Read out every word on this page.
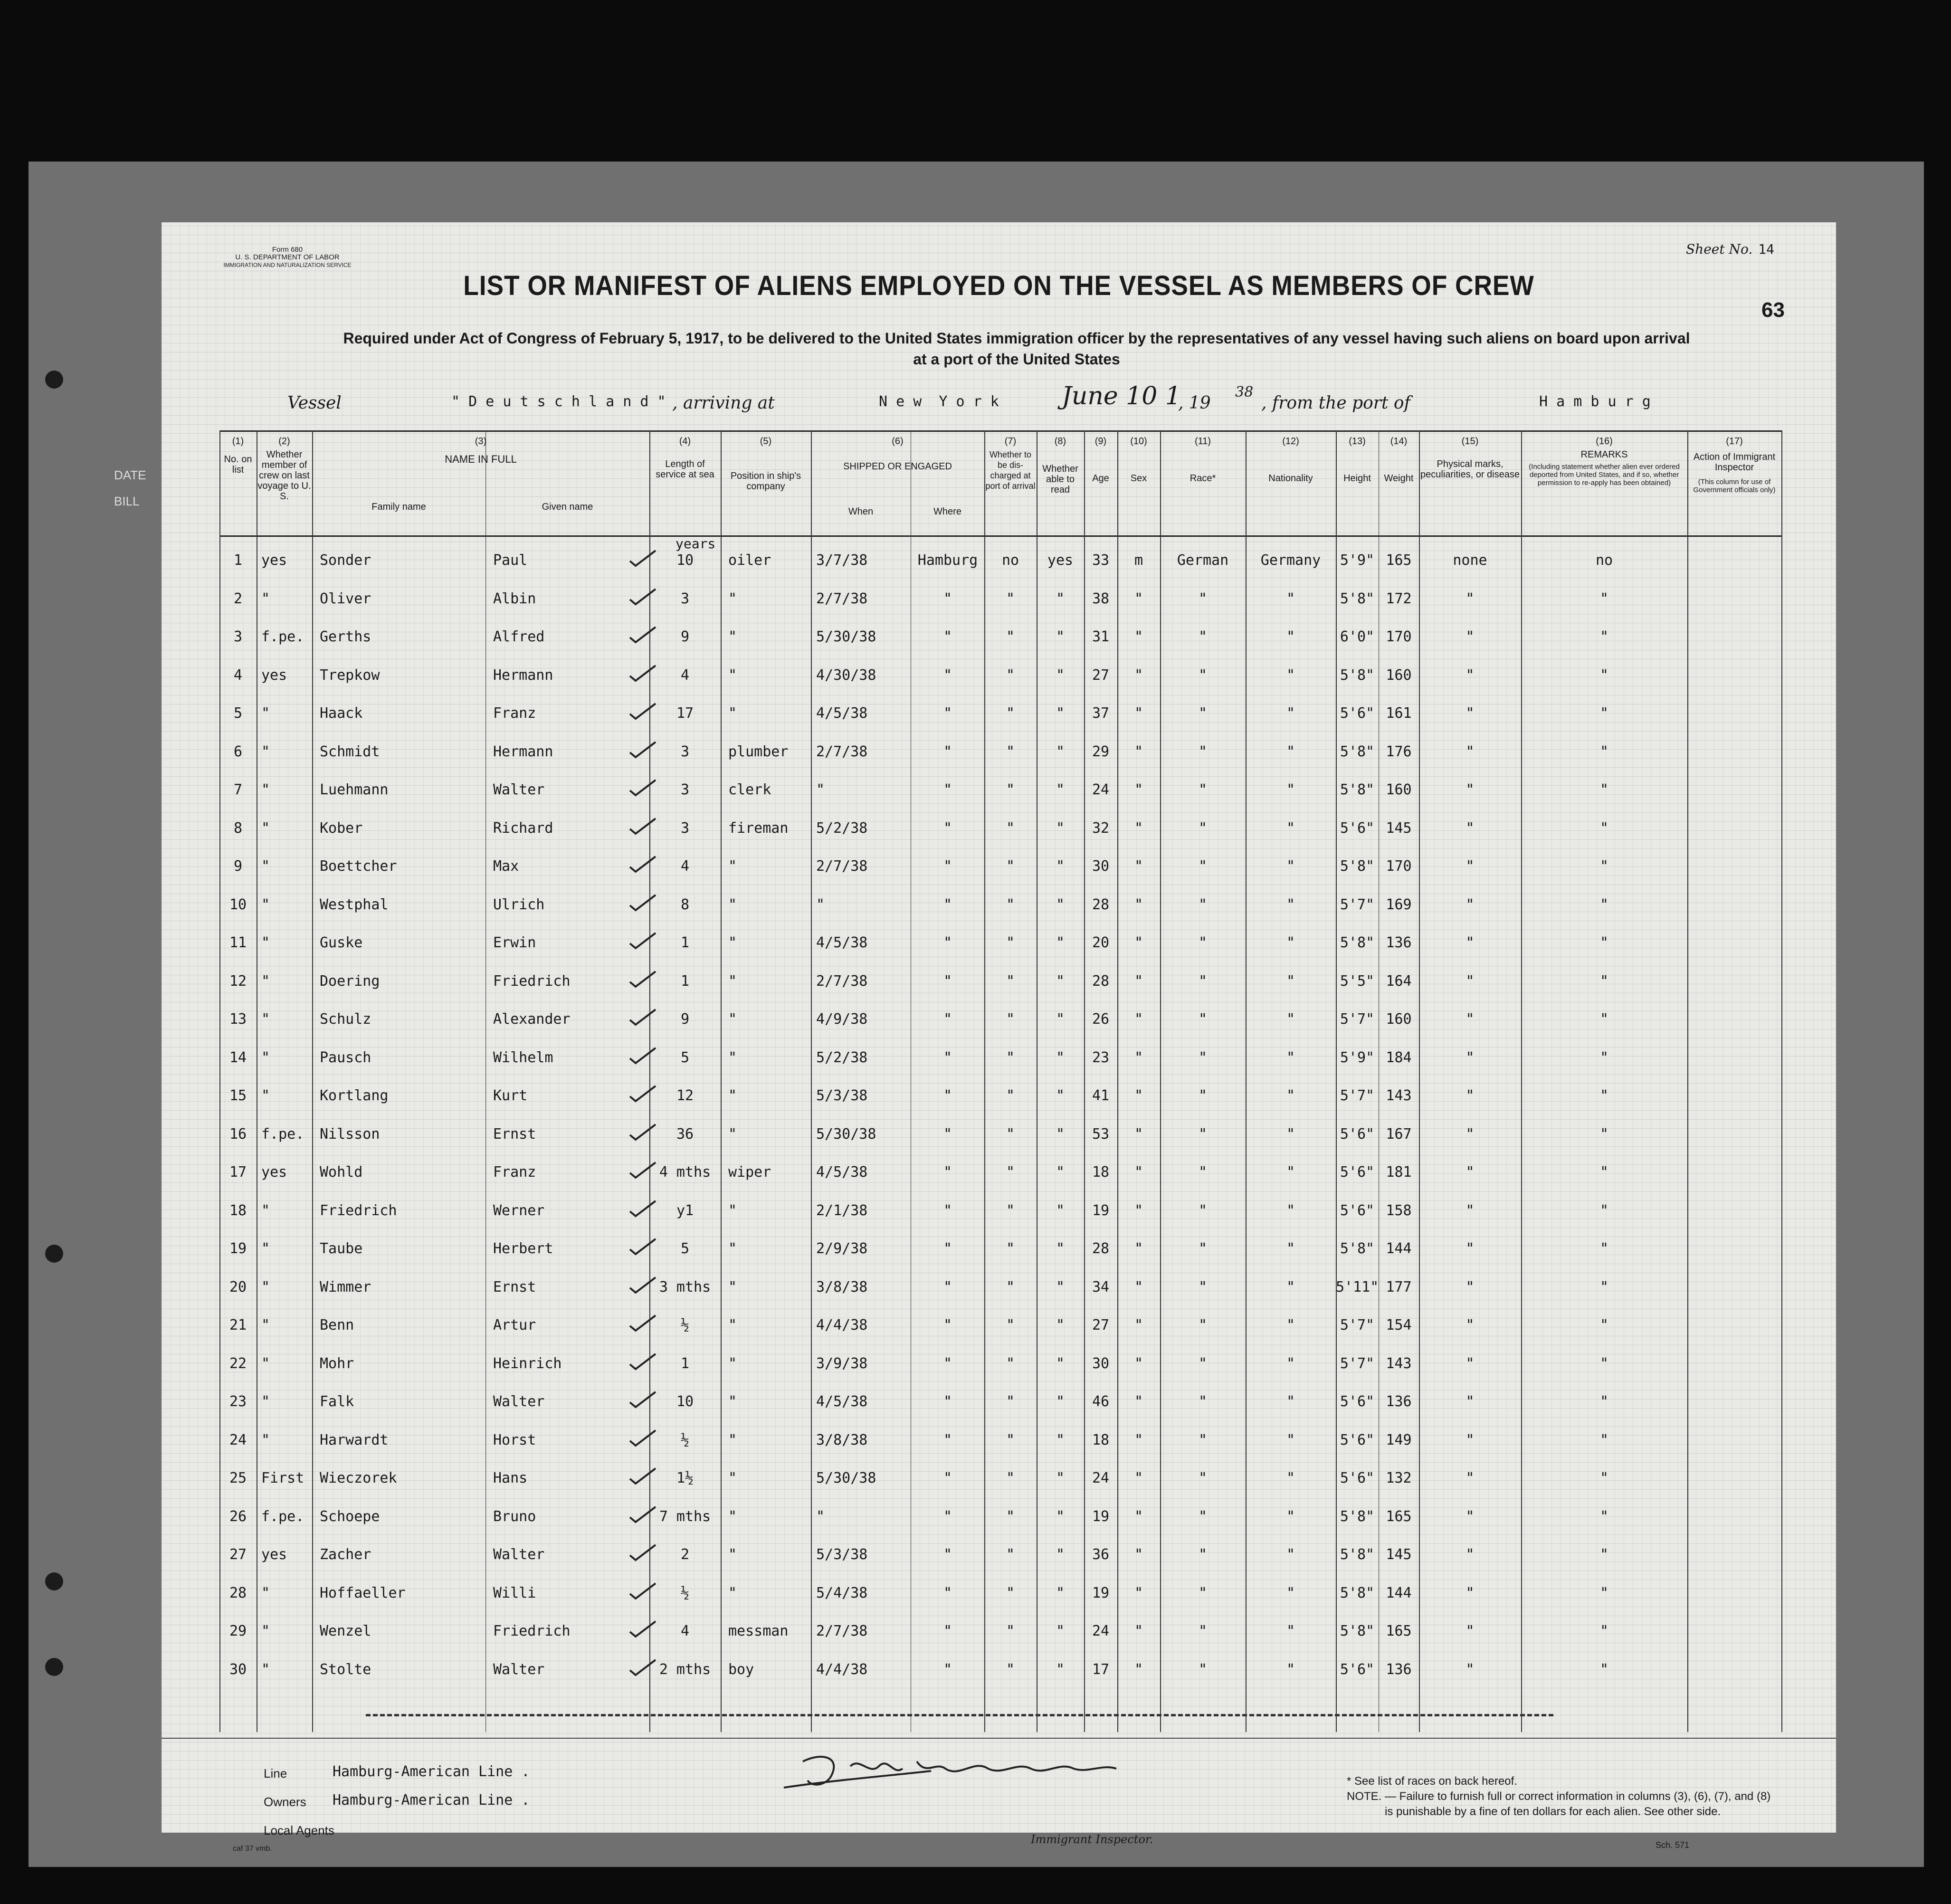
DATE
BILL
Form 680
U. S. DEPARTMENT OF LABOR
IMMIGRATION AND NATURALIZATION SERVICE
Sheet No. 14
LIST OR MANIFEST OF ALIENS EMPLOYED ON THE VESSEL AS MEMBERS OF CREW
63
Required under Act of Congress of February 5, 1917, to be delivered to the United States immigration officer by the representatives of any vessel having such aliens on board upon arrival
at a port of the United States
Vessel	" D e u t s c h l a n d " , arriving at	N e w  Y o r k	June 10 1
, 19
38
, from the port of	H a m b u r g
(1)
No. on list
(2)
Whether member of crew on last voyage to U. S.
(3)
NAME IN FULL
Family name	Given name
(4)
Length of service at sea
(5)
Position in ship's company
(6)
SHIPPED OR ENGAGED
When	Where
(7)
Whether to be dis-charged at port of arrival
(8)
Whether able to read
(9)
Age
(10)
Sex
(11)
Race*
(12)
Nationality
(13)
Height
(14)
Weight
(15)
Physical marks, peculiarities, or disease
(16)
REMARKS
(Including statement whether alien ever ordered deported from United States, and if so, whether permission to re-apply has been obtained)
(17)
Action of Immigrant Inspector
(This column for use of Government officials only)
years
1	yes	Sonder	Paul	10	oiler	3/7/38	Hamburg	no	yes	33	m	German	Germany	5'9" 165	none	no
2	"	Oliver	Albin	3	"	2/7/38	"	"	"	38	"	"	"	5'8" 172	"	"
3	f.pe.	Gerths	Alfred	9	"	5/30/38	"	"	"	31	"	"	"	6'0" 170	"	"
4	yes	Trepkow	Hermann	4	"	4/30/38	"	"	"	27	"	"	"	5'8" 160	"	"
5	"	Haack	Franz	17	"	4/5/38	"	"	"	37	"	"	"	5'6" 161	"	"
6	"	Schmidt	Hermann	3	plumber	2/7/38	"	"	"	29	"	"	"	5'8" 176	"	"
7	"	Luehmann	Walter	3	clerk	"	"	"	"	24	"	"	"	5'8" 160	"	"
8	"	Kober	Richard	3	fireman	5/2/38	"	"	"	32	"	"	"	5'6" 145	"	"
9	"	Boettcher	Max	4	"	2/7/38	"	"	"	30	"	"	"	5'8" 170	"	"
10	"	Westphal	Ulrich	8	"	"	"	"	"	28	"	"	"	5'7" 169	"	"
11	"	Guske	Erwin	1	"	4/5/38	"	"	"	20	"	"	"	5'8" 136	"	"
12	"	Doering	Friedrich	1	"	2/7/38	"	"	"	28	"	"	"	5'5" 164	"	"
13	"	Schulz	Alexander	9	"	4/9/38	"	"	"	26	"	"	"	5'7" 160	"	"
14	"	Pausch	Wilhelm	5	"	5/2/38	"	"	"	23	"	"	"	5'9" 184	"	"
15	"	Kortlang	Kurt	12	"	5/3/38	"	"	"	41	"	"	"	5'7" 143	"	"
16	f.pe.	Nilsson	Ernst	36	"	5/30/38	"	"	"	53	"	"	"	5'6" 167	"	"
17	yes	Wohld	Franz	4 mths	wiper	4/5/38	"	"	"	18	"	"	"	5'6" 181	"	"
18	"	Friedrich	Werner	y1	"	2/1/38	"	"	"	19	"	"	"	5'6" 158	"	"
19	"	Taube	Herbert	5	"	2/9/38	"	"	"	28	"	"	"	5'8" 144	"	"
20	"	Wimmer	Ernst	3 mths	"	3/8/38	"	"	"	34	"	"	"	5'11" 177	"	"
21	"	Benn	Artur	½	"	4/4/38	"	"	"	27	"	"	"	5'7" 154	"	"
22	"	Mohr	Heinrich	1	"	3/9/38	"	"	"	30	"	"	"	5'7" 143	"	"
23	"	Falk	Walter	10	"	4/5/38	"	"	"	46	"	"	"	5'6" 136	"	"
24	"	Harwardt	Horst	½	"	3/8/38	"	"	"	18	"	"	"	5'6" 149	"	"
25	First	Wieczorek	Hans	1½	"	5/30/38	"	"	"	24	"	"	"	5'6" 132	"	"
26	f.pe.	Schoepe	Bruno	7 mths	"	"	"	"	"	19	"	"	"	5'8" 165	"	"
27	yes	Zacher	Walter	2	"	5/3/38	"	"	"	36	"	"	"	5'8" 145	"	"
28	"	Hoffaeller	Willi	½	"	5/4/38	"	"	"	19	"	"	"	5'8" 144	"	"
29	"	Wenzel	Friedrich	4	messman	2/7/38	"	"	"	24	"	"	"	5'8" 165	"	"
30	"	Stolte	Walter	2 mths	boy	4/4/38	"	"	"	17	"	"	"	5'6" 136	"	"
Line	Hamburg-American Line .
Owners Hamburg-American Line .
Local Agents
Immigrant Inspector.
* See list of races on back hereof.
NOTE. — Failure to furnish full or correct information in columns (3), (6), (7), and (8)
is punishable by a fine of ten dollars for each alien. See other side.
Sch. 571
caf 37 vmb.
